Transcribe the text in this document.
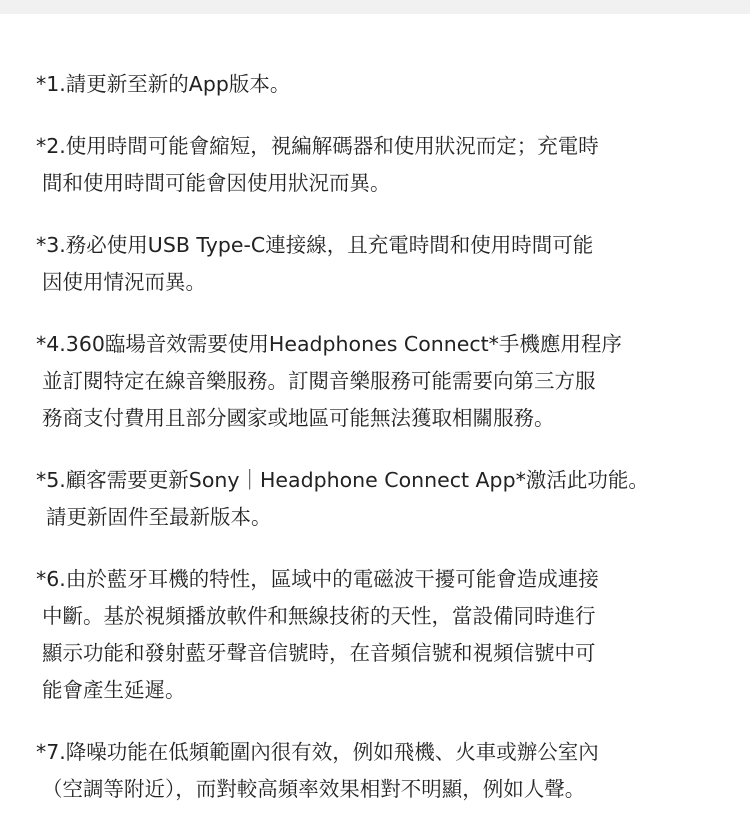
*1.請更新至新的App版本。
*2.使用時間可能會縮短，視編解碼器和使用狀況而定；充電時
間和使用時間可能會因使用狀況而異。
*3.務必使用USB Type-C連接線，且充電時間和使用時間可能
因使用情況而異。
*4.360臨場音效需要使用Headphones Connect*手機應用程序
並訂閱特定在線音樂服務。訂閱音樂服務可能需要向第三方服
務商支付費用且部分國家或地區可能無法獲取相關服務。
*5.顧客需要更新Sony｜Headphone Connect App*激活此功能。
請更新固件至最新版本。
*6.由於藍牙耳機的特性，區域中的電磁波干擾可能會造成連接
中斷。基於視頻播放軟件和無線技術的天性，當設備同時進行
顯示功能和發射藍牙聲音信號時，在音頻信號和視頻信號中可
能會產生延遲。
*7.降噪功能在低頻範圍內很有效，例如飛機、火車或辦公室內
（空調等附近），而對較高頻率效果相對不明顯，例如人聲。
